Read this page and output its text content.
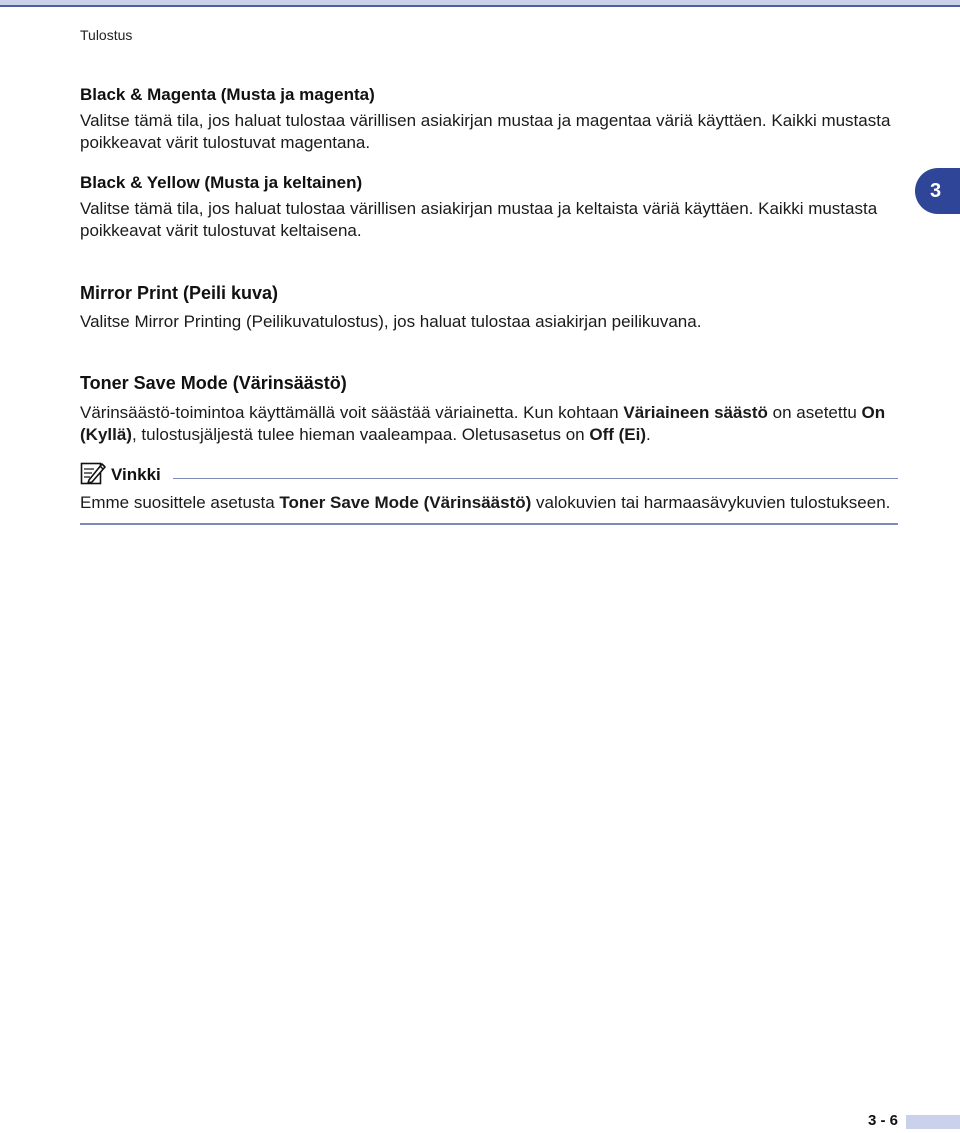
Tulostus
3

Black & Magenta (Musta ja magenta)

Valitse tämä tila, jos haluat tulostaa värillisen asiakirjan mustaa ja magentaa väriä käyttäen. Kaikki mustasta poikkeavat värit tulostuvat magentana.

Black & Yellow (Musta ja keltainen)

Valitse tämä tila, jos haluat tulostaa värillisen asiakirjan mustaa ja keltaista väriä käyttäen. Kaikki mustasta poikkeavat värit tulostuvat keltaisena.

Mirror Print (Peili kuva)

Valitse Mirror Printing (Peilikuvatulostus), jos haluat tulostaa asiakirjan peilikuvana.

Toner Save Mode (Värinsäästö)

Värinsäästö-toimintoa käyttämällä voit säästää väriainetta. Kun kohtaan Väriaineen säästö on asetettu On (Kyllä), tulostusjäljestä tulee hieman vaaleampaa. Oletusasetus on Off (Ei).

Vinkki

Emme suosittele asetusta Toner Save Mode (Värinsäästö) valokuvien tai harmaasävykuvien tulostukseen.

3 - 6
